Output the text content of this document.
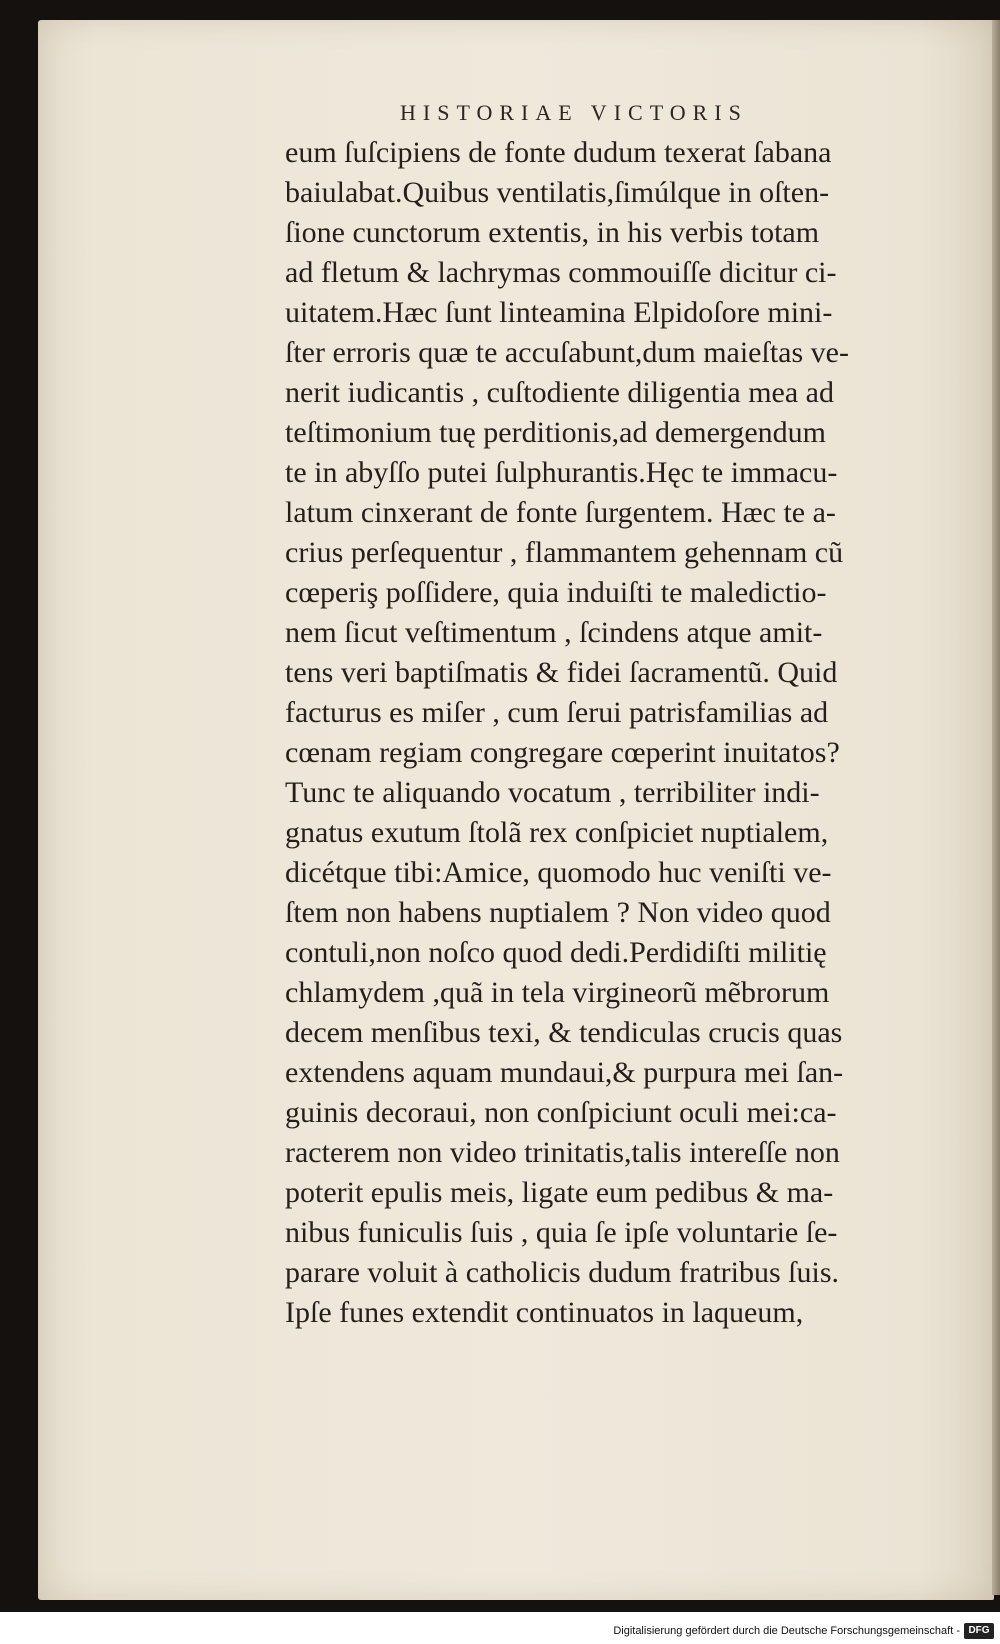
HISTORIAE VICTORIS
eum ſuſcipiens de fonte dudum texerat ſabana
baiulabat.Quibus ventilatis,ſimúlque in oſten-
ſione cunctorum extentis, in his verbis totam
ad fletum & lachrymas commouiſſe dicitur ci-
uitatem.Hæc ſunt linteamina Elpidoſore mini-
ſter erroris quæ te accuſabunt,dum maieſtas ve-
nerit iudicantis , cuſtodiente diligentia mea ad
teſtimonium tuę perditionis,ad demergendum
te in abyſſo putei ſulphurantis.Hęc te immacu-
latum cinxerant de fonte ſurgentem. Hæc te a-
crius perſequentur , flammantem gehennam cũ
cœperiş poſſidere, quia induiſti te maledictio-
nem ſicut veſtimentum , ſcindens atque amit-
tens veri baptiſmatis & fidei ſacramentũ. Quid
facturus es miſer , cum ſerui patrisfamilias ad
cœnam regiam congregare cœperint inuitatos?
Tunc te aliquando vocatum , terribiliter indi-
gnatus exutum ſtolã rex conſpiciet nuptialem,
dicétque tibi:Amice, quomodo huc veniſti ve-
ſtem non habens nuptialem ? Non video quod
contuli,non noſco quod dedi.Perdidiſti militię
chlamydem ,quã in tela virgineorũ mẽbrorum
decem menſibus texi, & tendiculas crucis quas
extendens aquam mundaui,& purpura mei ſan-
guinis decoraui, non conſpiciunt oculi mei:ca-
racterem non video trinitatis,talis intereſſe non
poterit epulis meis, ligate eum pedibus & ma-
nibus funiculis ſuis , quia ſe ipſe voluntarie ſe-
parare voluit à catholicis dudum fratribus ſuis.
Ipſe funes extendit continuatos in laqueum,
Digitalisierung gefördert durch die Deutsche Forschungsgemeinschaft - DFG
